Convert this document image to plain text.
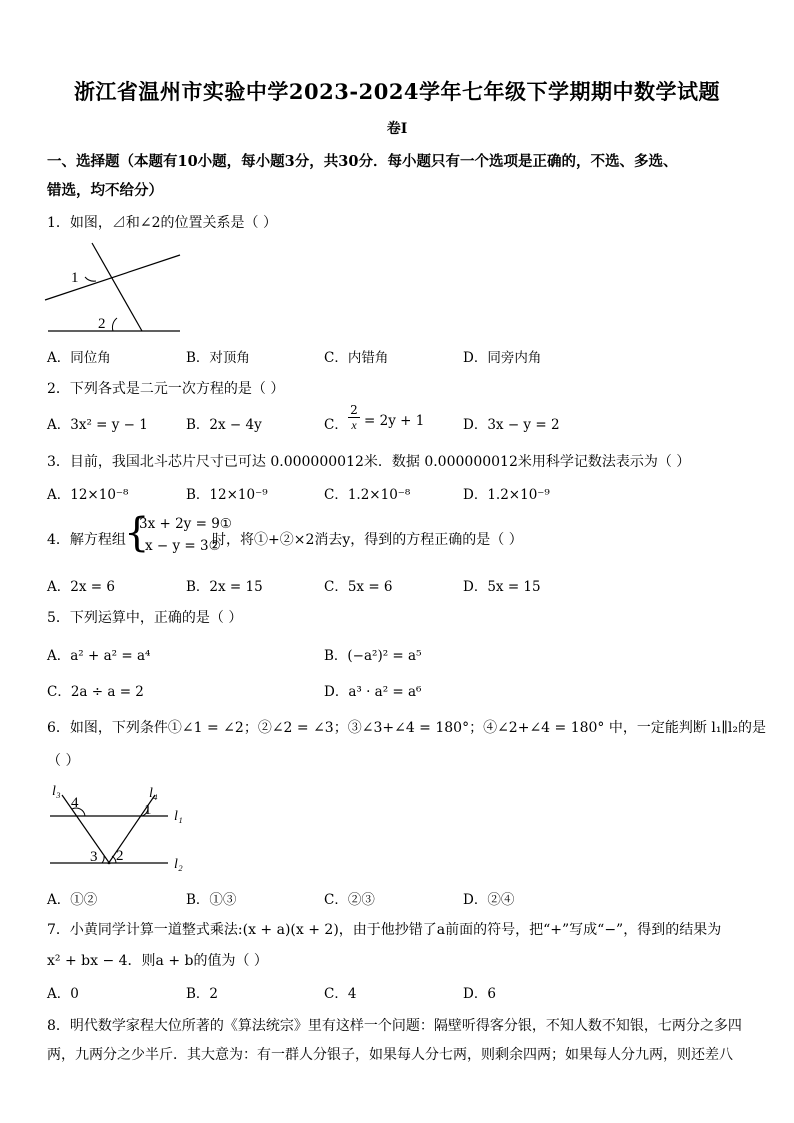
浙江省温州市实验中学2023-2024学年七年级下学期期中数学试题
卷I
一、选择题（本题有10小题，每小题3分，共30分．每小题只有一个选项是正确的，不选、多选、
错选，均不给分）
1．如图，⊿和∠2的位置关系是（ ）
1
2
A．同位角	B．对顶角	C．内错角	D．同旁内角
2．下列各式是二元一次方程的是（ ）
A．3x² = y − 1	B．2x − 4y	C． $\frac{2}{x} = 2y + 1$	D．3x − y = 2
3．目前，我国北斗芯片尺寸已可达 0.000000012米．数据 0.000000012米用科学记数法表示为（ ）
A．12×10⁻⁸	B．12×10⁻⁹	C．1.2×10⁻⁸	D．1.2×10⁻⁹
4．解方程组
{
3x + 2y = 9①
x − y = 3②
时，将①+②×2消去y，得到的方程正确的是（ ）
A．2x = 6	B．2x = 15	C．5x = 6	D．5x = 15
5．下列运算中，正确的是（ ）
A．a² + a² = a⁴	B．(−a²)² = a⁵
C．2a ÷ a = 2	D．a³ · a² = a⁶
6．如图，下列条件①∠1 = ∠2；②∠2 = ∠3；③∠3+∠4 = 180°；④∠2+∠4 = 180° 中，一定能判断 l₁∥l₂的是
（ ）
l₃	l₄
l₁
l₂
4	1
3 2
A．①②	B．①③	C．②③	D．②④
7．小黄同学计算一道整式乘法:(x + a)(x + 2)，由于他抄错了a前面的符号，把“+”写成“−”，得到的结果为
x² + bx − 4．则a + b的值为（ ）
A．0	B．2	C．4	D．6
8．明代数学家程大位所著的《算法统宗》里有这样一个问题：隔壁听得客分银，不知人数不知银，七两分之多四
两，九两分之少半斤．其大意为：有一群人分银子，如果每人分七两，则剩余四两；如果每人分九两，则还差八
